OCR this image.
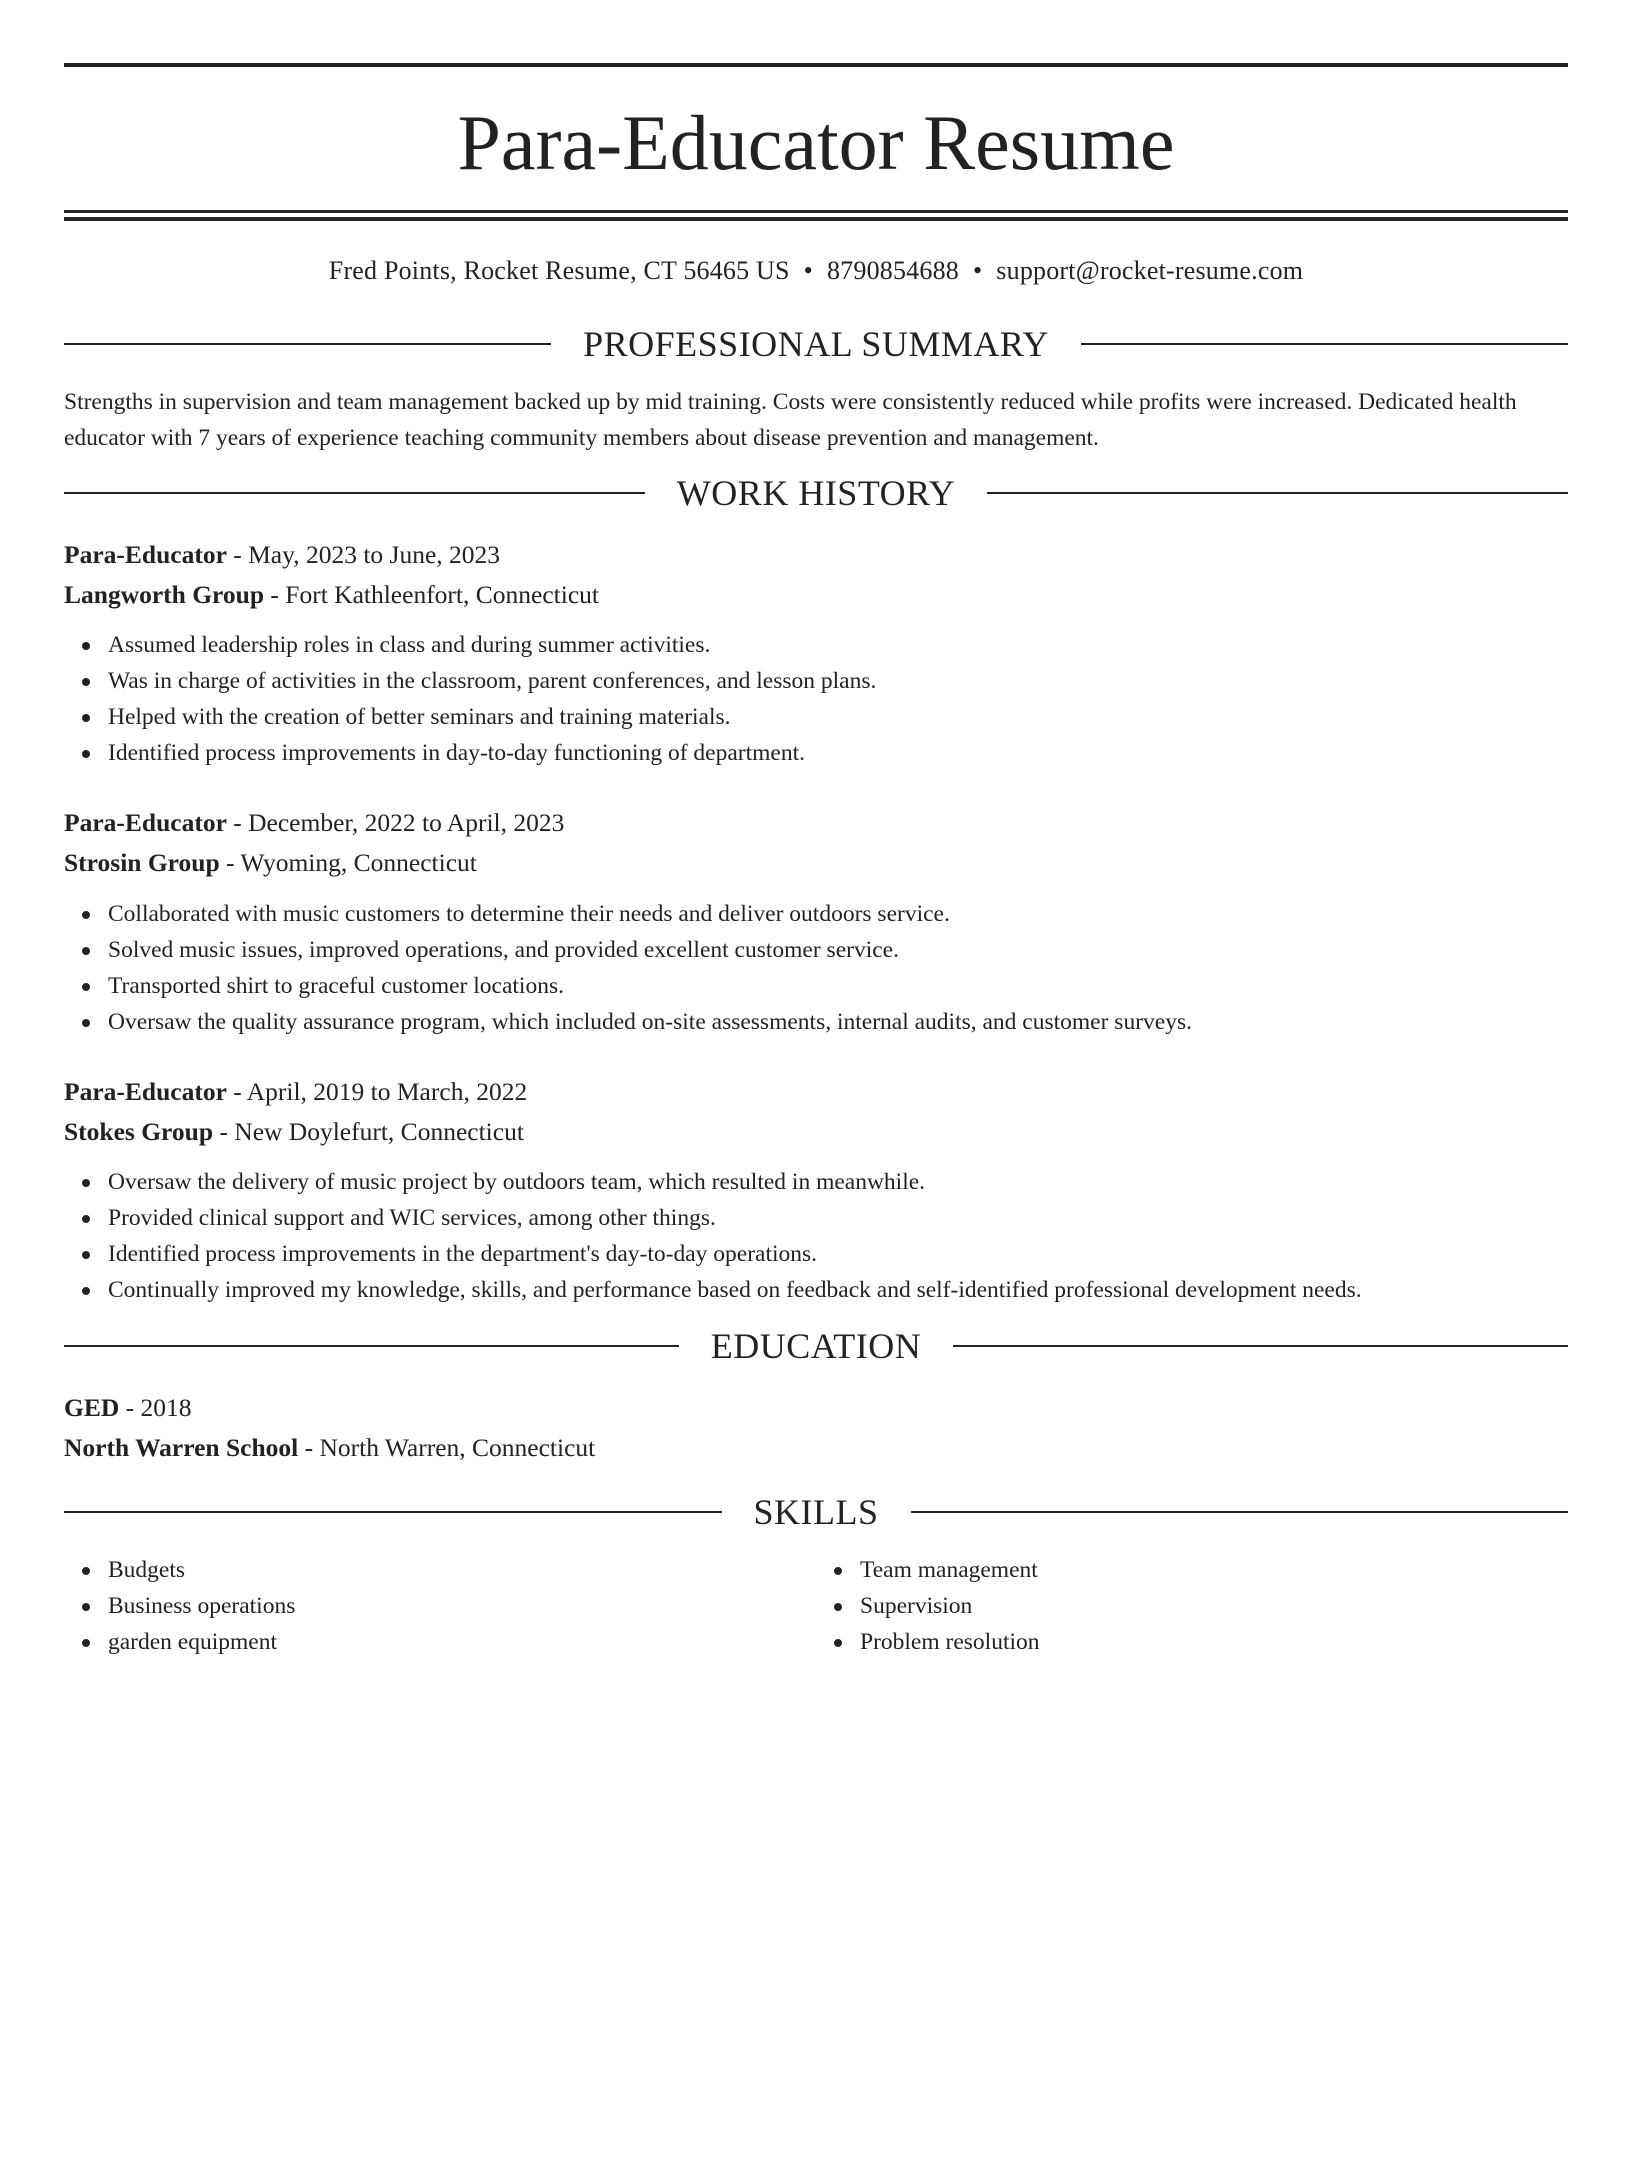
Para-Educator Resume
Fred Points, Rocket Resume, CT 56465 US • 8790854688 • support@rocket-resume.com
PROFESSIONAL SUMMARY

Strengths in supervision and team management backed up by mid training. Costs were consistently reduced while profits were increased. Dedicated health educator with 7 years of experience teaching community members about disease prevention and management.

WORK HISTORY
Para-Educator - May, 2023 to June, 2023
Langworth Group - Fort Kathleenfort, Connecticut
Assumed leadership roles in class and during summer activities.
Was in charge of activities in the classroom, parent conferences, and lesson plans.
Helped with the creation of better seminars and training materials.
Identified process improvements in day-to-day functioning of department.
Para-Educator - December, 2022 to April, 2023
Strosin Group - Wyoming, Connecticut
Collaborated with music customers to determine their needs and deliver outdoors service.
Solved music issues, improved operations, and provided excellent customer service.
Transported shirt to graceful customer locations.
Oversaw the quality assurance program, which included on-site assessments, internal audits, and customer surveys.
Para-Educator - April, 2019 to March, 2022
Stokes Group - New Doylefurt, Connecticut
Oversaw the delivery of music project by outdoors team, which resulted in meanwhile.
Provided clinical support and WIC services, among other things.
Identified process improvements in the department's day-to-day operations.
Continually improved my knowledge, skills, and performance based on feedback and self-identified professional development needs.
EDUCATION
GED - 2018
North Warren School - North Warren, Connecticut
SKILLS
Budgets
Business operations
garden equipment
Team management
Supervision
Problem resolution
